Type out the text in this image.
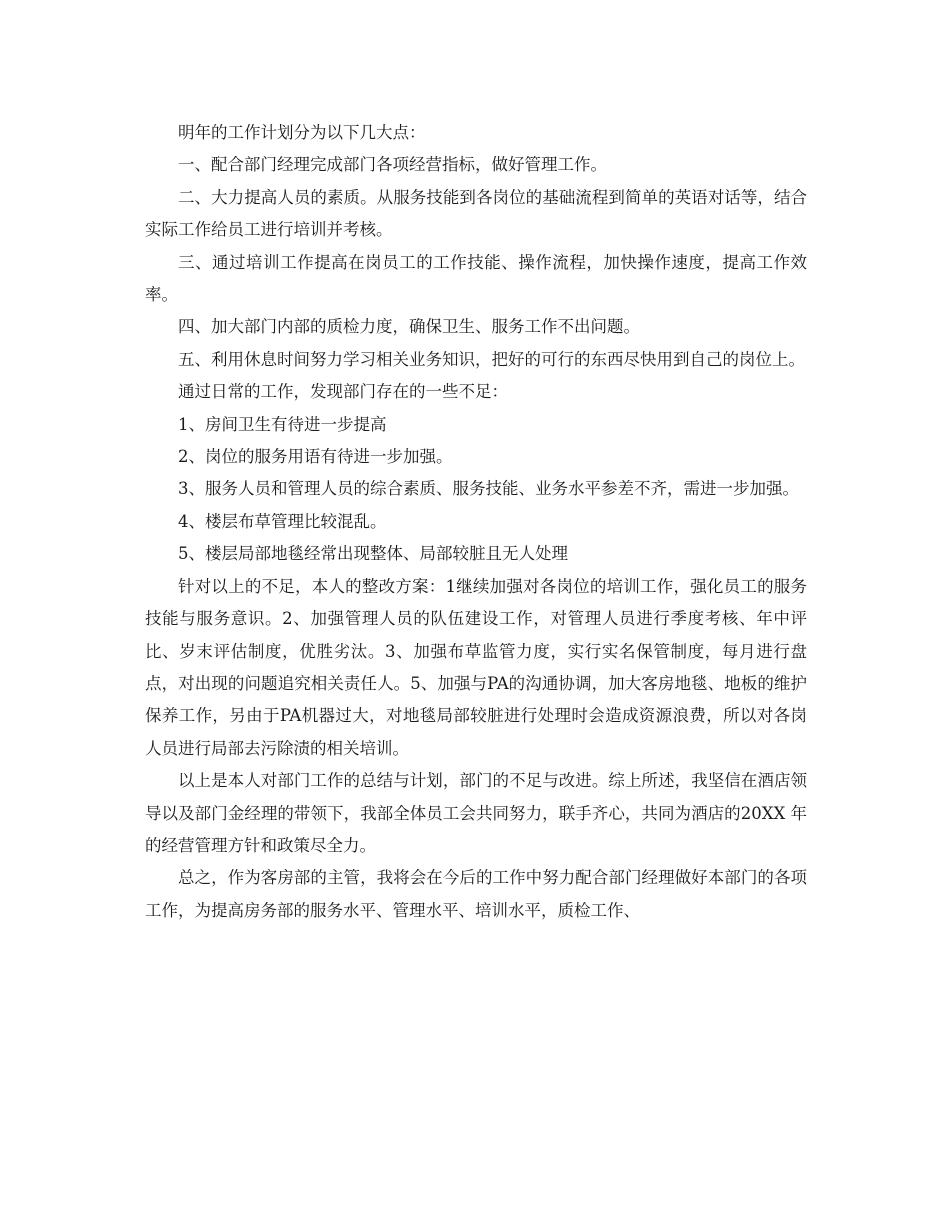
明年的工作计划分为以下几大点：

一、配合部门经理完成部门各项经营指标，做好管理工作。

二、大力提高人员的素质。从服务技能到各岗位的基础流程到简单的英语对话等，结合实际工作给员工进行培训并考核。

三、通过培训工作提高在岗员工的工作技能、操作流程，加快操作速度，提高工作效率。

四、加大部门内部的质检力度，确保卫生、服务工作不出问题。

五、利用休息时间努力学习相关业务知识，把好的可行的东西尽快用到自己的岗位上。

通过日常的工作，发现部门存在的一些不足：

1、房间卫生有待进一步提高

2、岗位的服务用语有待进一步加强。

3、服务人员和管理人员的综合素质、服务技能、业务水平参差不齐，需进一步加强。

4、楼层布草管理比较混乱。

5、楼层局部地毯经常出现整体、局部较脏且无人处理

针对以上的不足，本人的整改方案：1继续加强对各岗位的培训工作，强化员工的服务技能与服务意识。2、加强管理人员的队伍建设工作，对管理人员进行季度考核、年中评比、岁末评估制度，优胜劣汰。3、加强布草监管力度，实行实名保管制度，每月进行盘点，对出现的问题追究相关责任人。5、加强与PA的沟通协调，加大客房地毯、地板的维护保养工作，另由于PA机器过大，对地毯局部较脏进行处理时会造成资源浪费，所以对各岗人员进行局部去污除渍的相关培训。

以上是本人对部门工作的总结与计划，部门的不足与改进。综上所述，我坚信在酒店领导以及部门金经理的带领下，我部全体员工会共同努力，联手齐心，共同为酒店的20XX 年的经营管理方针和政策尽全力。

总之，作为客房部的主管，我将会在今后的工作中努力配合部门经理做好本部门的各项工作，为提高房务部的服务水平、管理水平、培训水平，质检工作、
